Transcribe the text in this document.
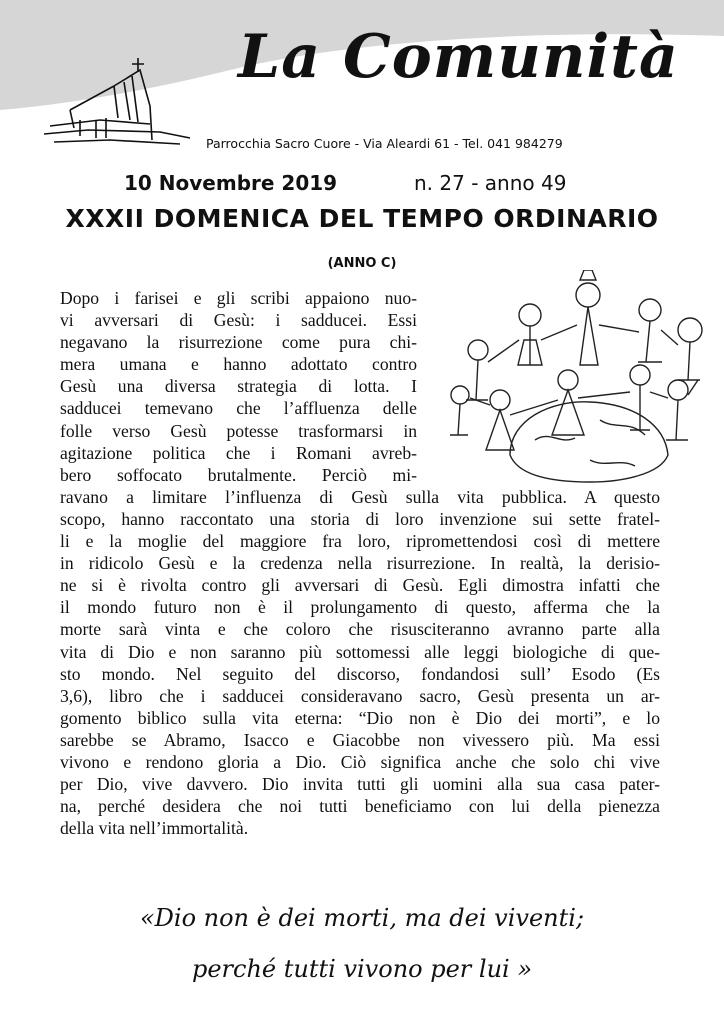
La Comunità
Parrocchia Sacro Cuore - Via Aleardi 61 - Tel. 041 984279
10 Novembre 2019	n. 27 - anno 49
XXXII DOMENICA DEL TEMPO ORDINARIO
(ANNO C)
Dopo i farisei e gli scribi appaiono nuo-
vi avversari di Gesù: i sadducei. Essi
negavano la risurrezione come pura chi-
mera umana e hanno adottato contro
Gesù una diversa strategia di lotta. I
sadducei temevano che l’affluenza delle
folle verso Gesù potesse trasformarsi in
agitazione politica che i Romani avreb-
bero soffocato brutalmente. Perciò mi-
ravano a limitare l’influenza di Gesù sulla vita pubblica. A questo
scopo, hanno raccontato una storia di loro invenzione sui sette fratel-
li e la moglie del maggiore fra loro, ripromettendosi così di mettere
in ridicolo Gesù e la credenza nella risurrezione. In realtà, la derisio-
ne si è rivolta contro gli avversari di Gesù. Egli dimostra infatti che
il mondo futuro non è il prolungamento di questo, afferma che la
morte sarà vinta e che coloro che risusciteranno avranno parte alla
vita di Dio e non saranno più sottomessi alle leggi biologiche di que-
sto mondo. Nel seguito del discorso, fondandosi sull’ Esodo (Es
3,6), libro che i sadducei consideravano sacro, Gesù presenta un ar-
gomento biblico sulla vita eterna: “Dio non è Dio dei morti”, e lo
sarebbe se Abramo, Isacco e Giacobbe non vivessero più. Ma essi
vivono e rendono gloria a Dio. Ciò significa anche che solo chi vive
per Dio, vive davvero. Dio invita tutti gli uomini alla sua casa pater-
na, perché desidera che noi tutti beneficiamo con lui della pienezza
della vita nell’immortalità.
«Dio non è dei morti, ma dei viventi;
perché tutti vivono per lui »
